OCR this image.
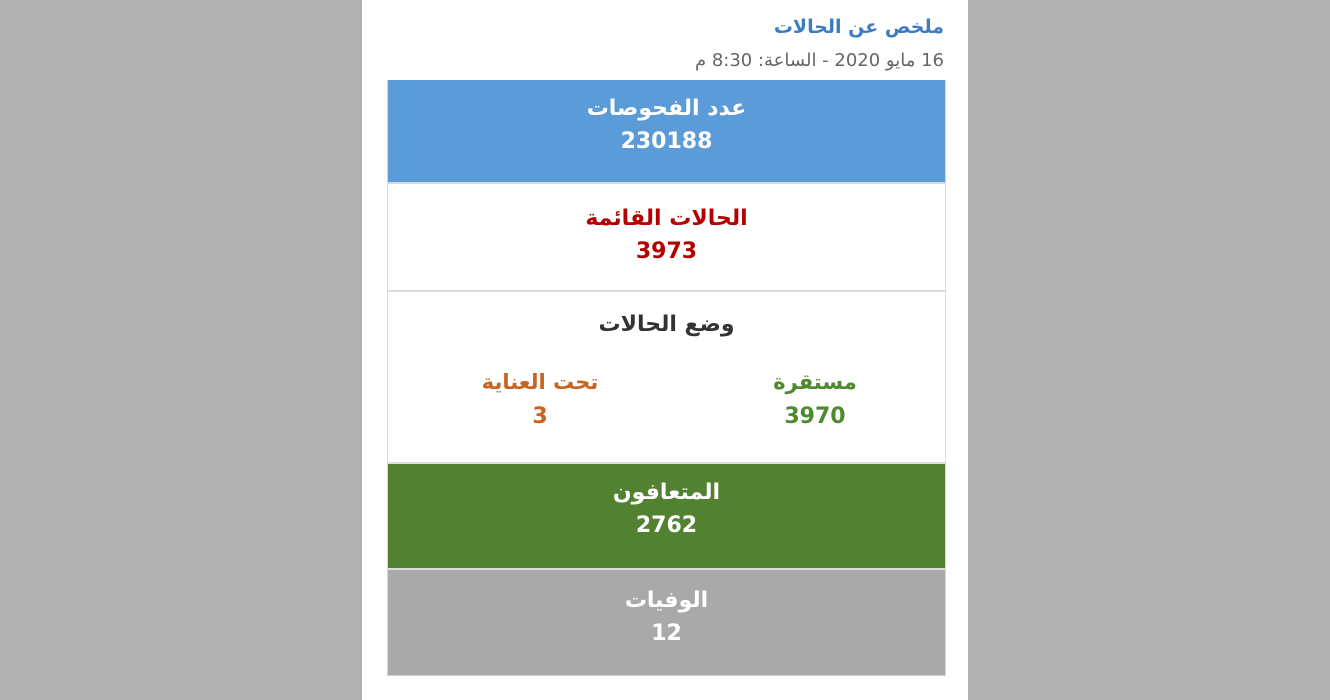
ملخص عن الحالات
16 مايو 2020 - الساعة: 8:30 م
عدد الفحوصات
230188
الحالات القائمة
3973
وضع الحالات
مستقرة
3970
تحت العناية
3
المتعافون
2762
الوفيات
12
